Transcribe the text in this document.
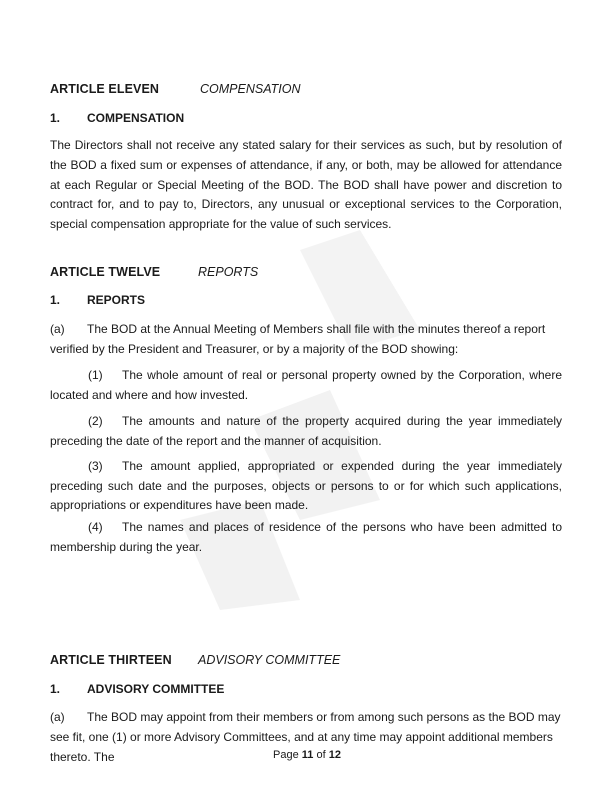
ARTICLE ELEVEN	COMPENSATION
1. COMPENSATION
The Directors shall not receive any stated salary for their services as such, but by resolution of the BOD a fixed sum or expenses of attendance, if any, or both, may be allowed for attendance at each Regular or Special Meeting of the BOD. The BOD shall have power and discretion to contract for, and to pay to, Directors, any unusual or exceptional services to the Corporation, special compensation appropriate for the value of such services.
ARTICLE TWELVE	REPORTS
1. REPORTS
(a) The BOD at the Annual Meeting of Members shall file with the minutes thereof a report verified by the President and Treasurer, or by a majority of the BOD showing:
(1) The whole amount of real or personal property owned by the Corporation, where located and where and how invested.
(2) The amounts and nature of the property acquired during the year immediately preceding the date of the report and the manner of acquisition.
(3) The amount applied, appropriated or expended during the year immediately preceding such date and the purposes, objects or persons to or for which such applications, appropriations or expenditures have been made.
(4) The names and places of residence of the persons who have been admitted to membership during the year.
ARTICLE THIRTEEN ADVISORY COMMITTEE
1. ADVISORY COMMITTEE
(a) The BOD may appoint from their members or from among such persons as the BOD may see fit, one (1) or more Advisory Committees, and at any time may appoint additional members thereto. The	Page 11 of 12
